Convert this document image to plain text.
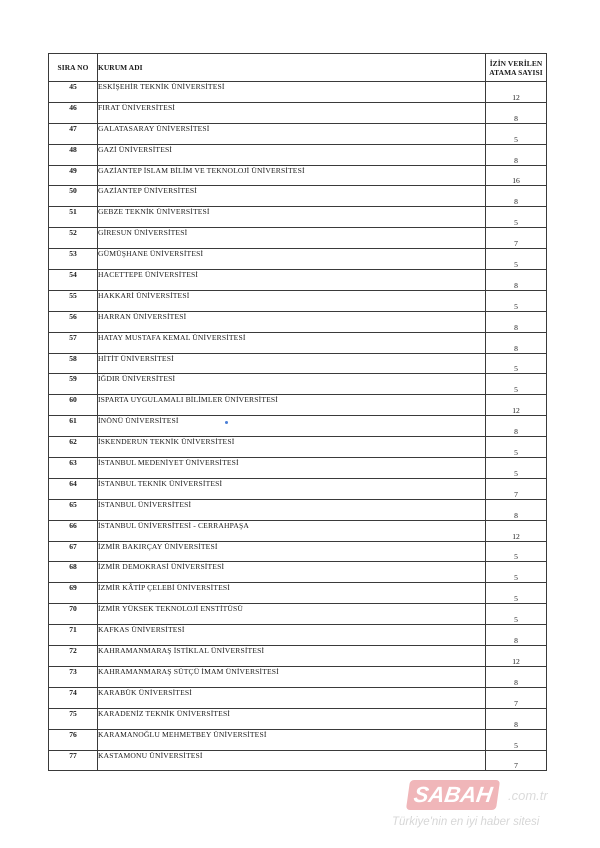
SIRA NO	KURUM ADI	İZİN VERİLEN
ATAMA SAYISI

45	ESKİŞEHİR TEKNİK ÜNİVERSİTESİ	12
46	FIRAT ÜNİVERSİTESİ	8
47	GALATASARAY ÜNİVERSİTESİ	5
48	GAZİ ÜNİVERSİTESİ	8
49	GAZİANTEP İSLAM BİLİM VE TEKNOLOJİ ÜNİVERSİTESİ	16
50	GAZİANTEP ÜNİVERSİTESİ	8
51	GEBZE TEKNİK ÜNİVERSİTESİ	5
52	GİRESUN ÜNİVERSİTESİ	7
53	GÜMÜŞHANE ÜNİVERSİTESİ	5
54	HACETTEPE ÜNİVERSİTESİ	8
55	HAKKARİ ÜNİVERSİTESİ	5
56	HARRAN ÜNİVERSİTESİ	8
57	HATAY MUSTAFA KEMAL ÜNİVERSİTESİ	8
58	HİTİT ÜNİVERSİTESİ	5
59	IĞDIR ÜNİVERSİTESİ	5
60	ISPARTA UYGULAMALI BİLİMLER ÜNİVERSİTESİ	12
61	İNÖNÜ ÜNİVERSİTESİ	8
62	İSKENDERUN TEKNİK ÜNİVERSİTESİ	5
63	İSTANBUL MEDENİYET ÜNİVERSİTESİ	5
64	İSTANBUL TEKNİK ÜNİVERSİTESİ	7
65	İSTANBUL ÜNİVERSİTESİ	8
66	İSTANBUL ÜNİVERSİTESİ - CERRAHPAŞA	12
67	İZMİR BAKIRÇAY ÜNİVERSİTESİ	5
68	İZMİR DEMOKRASİ ÜNİVERSİTESİ	5
69	İZMİR KÂTİP ÇELEBİ ÜNİVERSİTESİ	5
70	İZMİR YÜKSEK TEKNOLOJİ ENSTİTÜSÜ	5
71	KAFKAS ÜNİVERSİTESİ	8
72	KAHRAMANMARAŞ İSTİKLAL ÜNİVERSİTESİ	12
73	KAHRAMANMARAŞ SÜTÇÜ İMAM ÜNİVERSİTESİ	8
74	KARABÜK ÜNİVERSİTESİ	7
75	KARADENİZ TEKNİK ÜNİVERSİTESİ	8
76	KARAMANOĞLU MEHMETBEY ÜNİVERSİTESİ	5
77	KASTAMONU ÜNİVERSİTESİ	7
SABAH	.com.tr
Türkiye'nin en iyi haber sitesi
